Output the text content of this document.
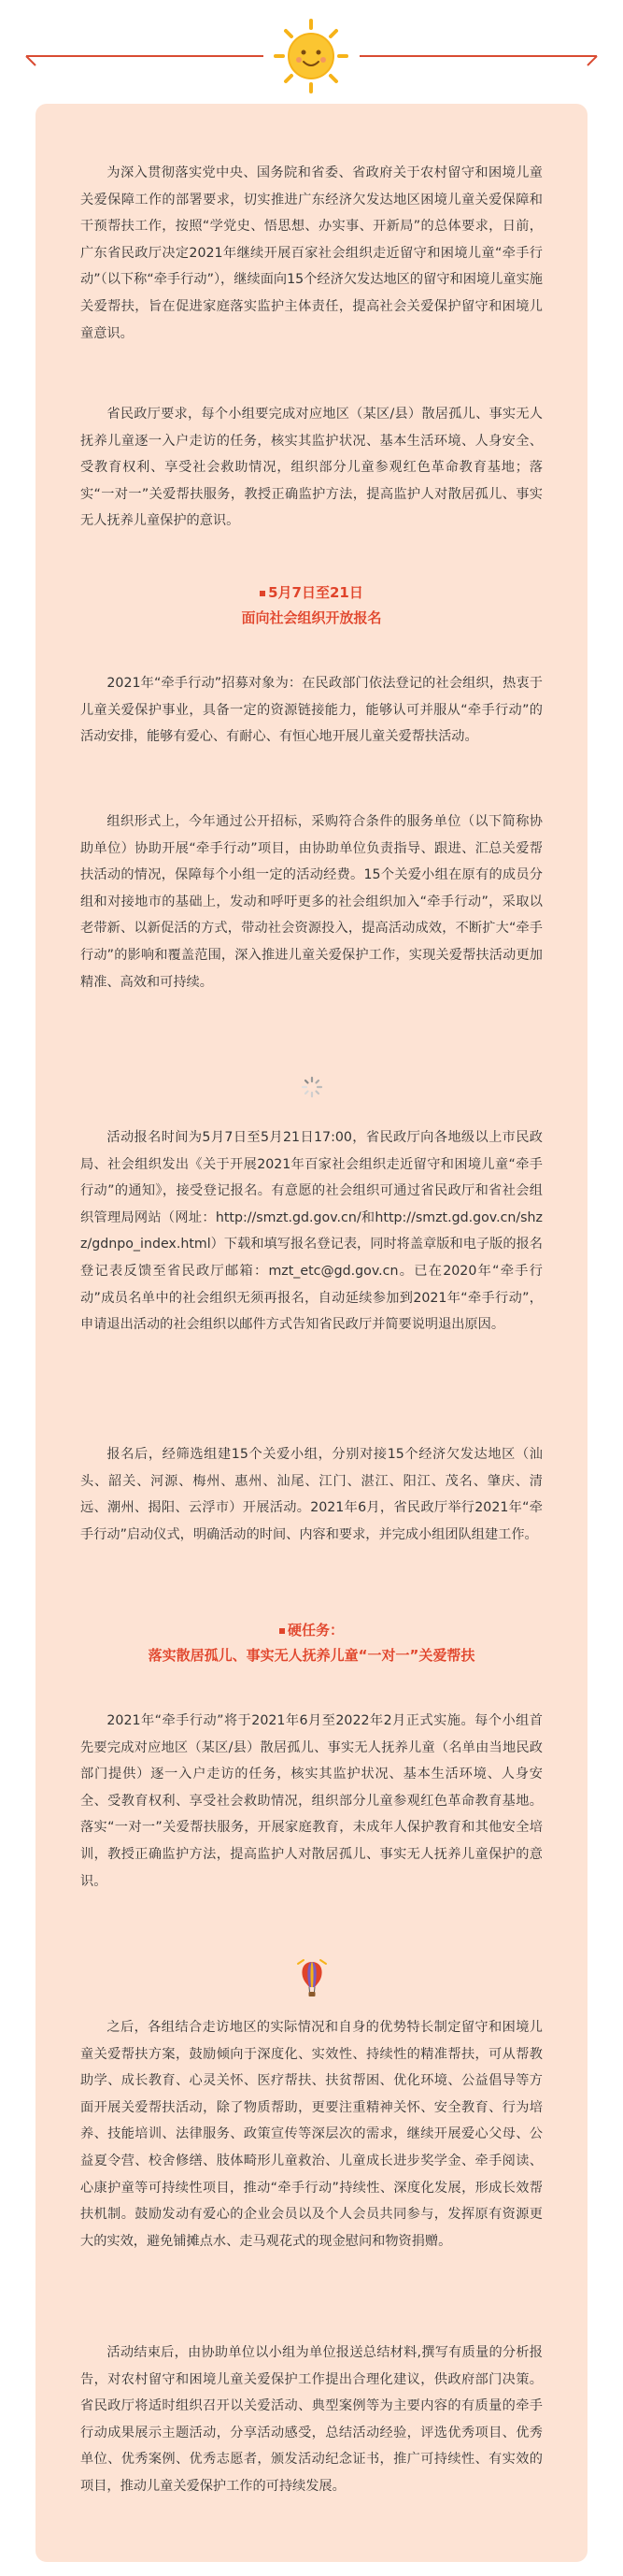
为深入贯彻落实党中央、国务院和省委、省政府关于农村留守和困境儿童关爱保障工作的部署要求，切实推进广东经济欠发达地区困境儿童关爱保障和干预帮扶工作，按照“学党史、悟思想、办实事、开新局”的总体要求，日前，广东省民政厅决定2021年继续开展百家社会组织走近留守和困境儿童“牵手行动”（以下称“牵手行动”），继续面向15个经济欠发达地区的留守和困境儿童实施关爱帮扶，旨在促进家庭落实监护主体责任，提高社会关爱保护留守和困境儿童意识。

省民政厅要求，每个小组要完成对应地区（某区/县）散居孤儿、事实无人抚养儿童逐一入户走访的任务，核实其监护状况、基本生活环境、人身安全、受教育权利、享受社会救助情况，组织部分儿童参观红色革命教育基地；落实“一对一”关爱帮扶服务，教授正确监护方法，提高监护人对散居孤儿、事实无人抚养儿童保护的意识。

5月7日至21日
面向社会组织开放报名

2021年“牵手行动”招募对象为：在民政部门依法登记的社会组织，热衷于儿童关爱保护事业，具备一定的资源链接能力，能够认可并服从“牵手行动”的活动安排，能够有爱心、有耐心、有恒心地开展儿童关爱帮扶活动。

组织形式上，今年通过公开招标，采购符合条件的服务单位（以下简称协助单位）协助开展“牵手行动”项目，由协助单位负责指导、跟进、汇总关爱帮扶活动的情况，保障每个小组一定的活动经费。15个关爱小组在原有的成员分组和对接地市的基础上，发动和呼吁更多的社会组织加入“牵手行动”，采取以老带新、以新促活的方式，带动社会资源投入，提高活动成效，不断扩大“牵手行动”的影响和覆盖范围，深入推进儿童关爱保护工作，实现关爱帮扶活动更加精准、高效和可持续。

活动报名时间为5月7日至5月21日17:00，省民政厅向各地级以上市民政局、社会组织发出《关于开展2021年百家社会组织走近留守和困境儿童“牵手行动”的通知》，接受登记报名。有意愿的社会组织可通过省民政厅和省社会组织管理局网站（网址：http://smzt.gd.gov.cn/和http://smzt.gd.gov.cn/shzz/gdnpo_index.html）下载和填写报名登记表，同时将盖章版和电子版的报名登记表反馈至省民政厅邮箱：mzt_etc@gd.gov.cn。已在2020年“牵手行动”成员名单中的社会组织无须再报名，自动延续参加到2021年“牵手行动”，申请退出活动的社会组织以邮件方式告知省民政厅并简要说明退出原因。

报名后，经筛选组建15个关爱小组，分别对接15个经济欠发达地区（汕头、韶关、河源、梅州、惠州、汕尾、江门、湛江、阳江、茂名、肇庆、清远、潮州、揭阳、云浮市）开展活动。2021年6月，省民政厅举行2021年“牵手行动”启动仪式，明确活动的时间、内容和要求，并完成小组团队组建工作。

硬任务：
落实散居孤儿、事实无人抚养儿童“一对一”关爱帮扶

2021年“牵手行动”将于2021年6月至2022年2月正式实施。每个小组首先要完成对应地区（某区/县）散居孤儿、事实无人抚养儿童（名单由当地民政部门提供）逐一入户走访的任务，核实其监护状况、基本生活环境、人身安全、受教育权利、享受社会救助情况，组织部分儿童参观红色革命教育基地。落实“一对一”关爱帮扶服务，开展家庭教育，未成年人保护教育和其他安全培训，教授正确监护方法，提高监护人对散居孤儿、事实无人抚养儿童保护的意识。

之后，各组结合走访地区的实际情况和自身的优势特长制定留守和困境儿童关爱帮扶方案，鼓励倾向于深度化、实效性、持续性的精准帮扶，可从帮教助学、成长教育、心灵关怀、医疗帮扶、扶贫帮困、优化环境、公益倡导等方面开展关爱帮扶活动，除了物质帮助，更要注重精神关怀、安全教育、行为培养、技能培训、法律服务、政策宣传等深层次的需求，继续开展爱心父母、公益夏令营、校舍修缮、肢体畸形儿童救治、儿童成长进步奖学金、牵手阅读、心康护童等可持续性项目，推动“牵手行动”持续性、深度化发展，形成长效帮扶机制。鼓励发动有爱心的企业会员以及个人会员共同参与，发挥原有资源更大的实效，避免铺摊点水、走马观花式的现金慰问和物资捐赠。

活动结束后，由协助单位以小组为单位报送总结材料,撰写有质量的分析报告，对农村留守和困境儿童关爱保护工作提出合理化建议，供政府部门决策。省民政厅将适时组织召开以关爱活动、典型案例等为主要内容的有质量的牵手行动成果展示主题活动，分享活动感受，总结活动经验，评选优秀项目、优秀单位、优秀案例、优秀志愿者，颁发活动纪念证书，推广可持续性、有实效的项目，推动儿童关爱保护工作的可持续发展。
